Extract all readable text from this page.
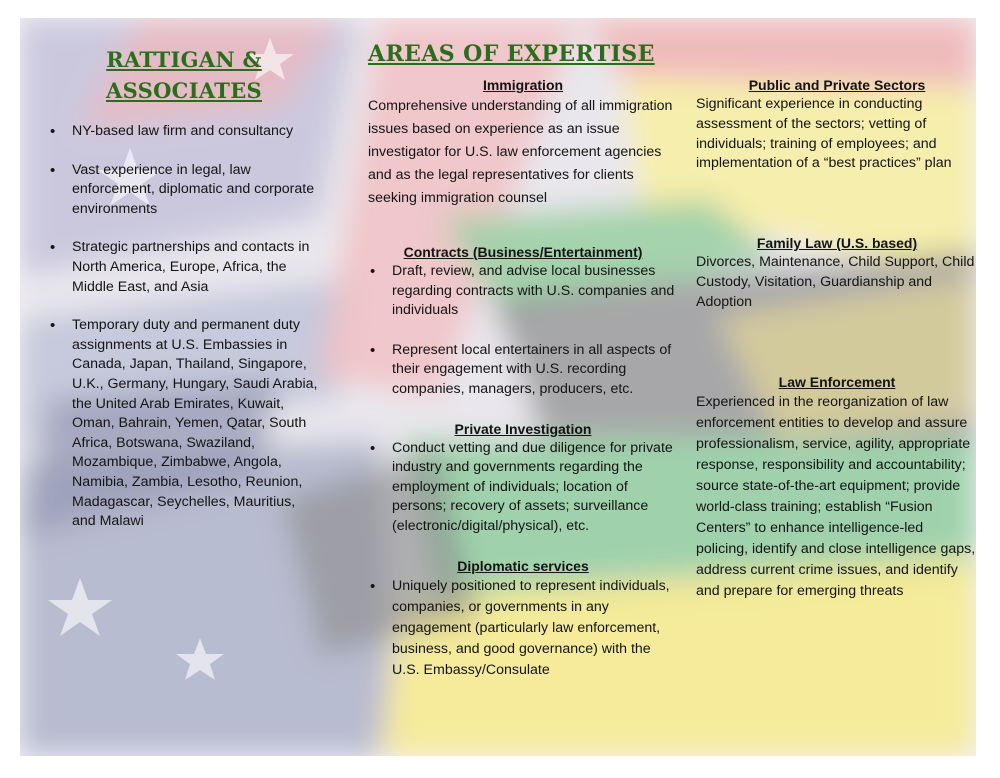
RATTIGAN &
ASSOCIATES
• NY-based law firm and consultancy
• Vast experience in legal, law enforcement, diplomatic and corporate environments
• Strategic partnerships and contacts in North America, Europe, Africa, the Middle East, and Asia
• Temporary duty and permanent duty assignments at U.S. Embassies in Canada, Japan, Thailand, Singapore, U.K., Germany, Hungary, Saudi Arabia, the United Arab Emirates, Kuwait, Oman, Bahrain, Yemen, Qatar, South Africa, Botswana, Swaziland, Mozambique, Zimbabwe, Angola, Namibia, Zambia, Lesotho, Reunion, Madagascar, Seychelles, Mauritius, and Malawi
AREAS OF EXPERTISE
Immigration
Comprehensive understanding of all immigration issues based on experience as an issue investigator for U.S. law enforcement agencies and as the legal representatives for clients seeking immigration counsel
Contracts (Business/Entertainment)
• Draft, review, and advise local businesses regarding contracts with U.S. companies and individuals
• Represent local entertainers in all aspects of their engagement with U.S. recording companies, managers, producers, etc.
Private Investigation
• Conduct vetting and due diligence for private industry and governments regarding the employment of individuals; location of persons; recovery of assets; surveillance (electronic/digital/physical), etc.
Diplomatic services
• Uniquely positioned to represent individuals, companies, or governments in any engagement (particularly law enforcement, business, and good governance) with the U.S. Embassy/Consulate
Public and Private Sectors
Significant experience in conducting assessment of the sectors; vetting of individuals; training of employees; and implementation of a “best practices” plan
Family Law (U.S. based)
Divorces, Maintenance, Child Support, Child Custody, Visitation, Guardianship and Adoption
Law Enforcement
Experienced in the reorganization of law enforcement entities to develop and assure professionalism, service, agility, appropriate response, responsibility and accountability; source state-of-the-art equipment; provide world-class training; establish “Fusion Centers” to enhance intelligence-led policing, identify and close intelligence gaps, address current crime issues, and identify and prepare for emerging threats
